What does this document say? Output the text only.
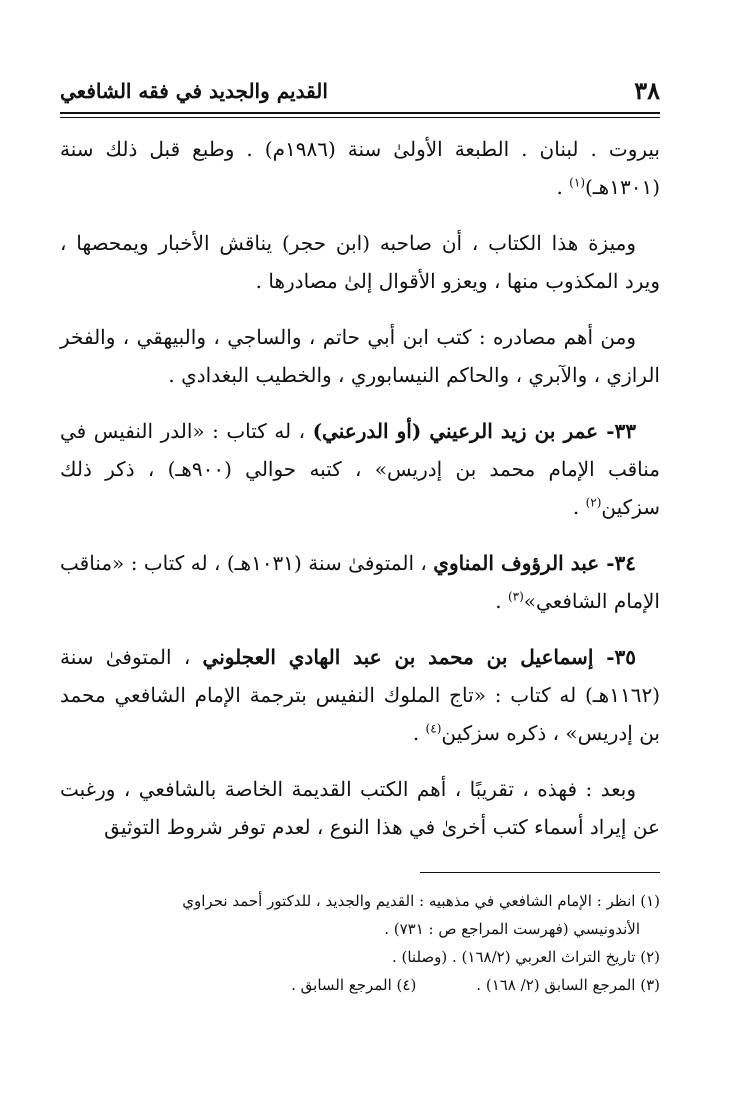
٣٨
القديم والجديد في فقه الشافعي

بيروت . لبنان . الطبعة الأولىٰ سنة (١٩٨٦م) . وطبع قبل ذلك سنة (١٣٠١هـ)$^{(١)}$ .

وميزة هذا الكتاب ، أن صاحبه (ابن حجر) يناقش الأخبار ويمحصها ، ويرد المكذوب منها ، ويعزو الأقوال إلىٰ مصادرها .

ومن أهم مصادره : كتب ابن أبي حاتم ، والساجي ، والبيهقي ، والفخر الرازي ، والآبري ، والحاكم النيسابوري ، والخطيب البغدادي .

٣٣- عمر بن زيد الرعيني (أو الدرعني) ، له كتاب : «الدر النفيس في مناقب الإمام محمد بن إدريس» ، كتبه حوالي (٩٠٠هـ) ، ذكر ذلك سزكين$^{(٢)}$ .

٣٤- عبد الرؤوف المناوي ، المتوفىٰ سنة (١٠٣١هـ) ، له كتاب : «مناقب الإمام الشافعي»$^{(٣)}$ .

٣٥- إسماعيل بن محمد بن عبد الهادي العجلوني ، المتوفىٰ سنة (١١٦٢هـ) له كتاب : «تاج الملوك النفيس بترجمة الإمام الشافعي محمد بن إدريس» ، ذكره سزكين$^{(٤)}$ .

وبعد : فهذه ، تقريبًا ، أهم الكتب القديمة الخاصة بالشافعي ، ورغبت عن إيراد أسماء كتب أخرىٰ في هذا النوع ، لعدم توفر شروط التوثيق

(١) انظر : الإمام الشافعي في مذهبيه : القديم والجديد ، للدكتور أحمد نحراوي

الأندونيسي (فهرست المراجع ص : ٧٣١) .

(٢) تاريخ التراث العربي (١٦٨/٢) . (وصلنا) .

(٣) المرجع السابق (٢/ ١٦٨) .
(٤) المرجع السابق .
